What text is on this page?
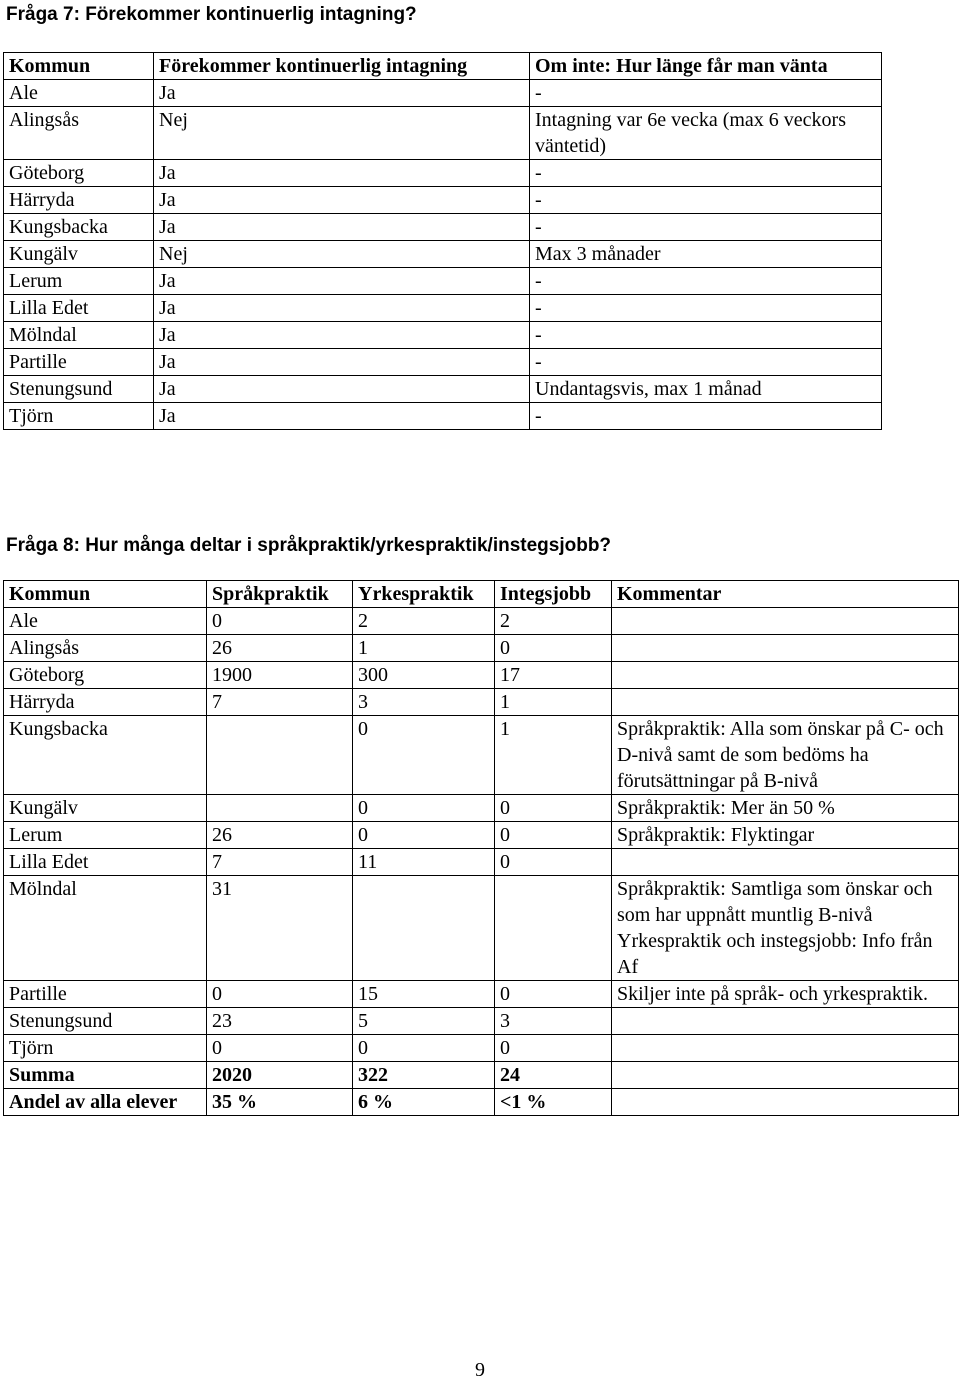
Fråga 7: Förekommer kontinuerlig intagning?
Kommun	Förekommer kontinuerlig intagning	Om inte: Hur länge får man vänta
Ale	Ja	-
Alingsås	Nej	Intagning var 6e vecka (max 6 veckors väntetid)
Göteborg	Ja	-
Härryda	Ja	-
Kungsbacka	Ja	-
Kungälv	Nej	Max 3 månader
Lerum	Ja	-
Lilla Edet	Ja	-
Mölndal	Ja	-
Partille	Ja	-
Stenungsund	Ja	Undantagsvis, max 1 månad
Tjörn	Ja	-
Fråga 8: Hur många deltar i språkpraktik/yrkespraktik/instegsjobb?
Kommun	Språkpraktik	Yrkespraktik	Integsjobb	Kommentar
Ale	0	2	2	
Alingsås	26	1	0	
Göteborg	1900	300	17	
Härryda	7	3	1	
Kungsbacka		0	1	Språkpraktik: Alla som önskar på C- och D-nivå samt de som bedöms ha förutsättningar på B-nivå
Kungälv		0	0	Språkpraktik: Mer än 50 %
Lerum	26	0	0	Språkpraktik: Flyktingar
Lilla Edet	7	11	0	
Mölndal	31			Språkpraktik: Samtliga som önskar och som har uppnått muntlig B-nivå Yrkespraktik och instegsjobb: Info från Af
Partille	0	15	0	Skiljer inte på språk- och yrkespraktik.
Stenungsund	23	5	3	
Tjörn	0	0	0	
Summa	2020	322	24	
Andel av alla elever	35 %	6 %	<1 %	
9
